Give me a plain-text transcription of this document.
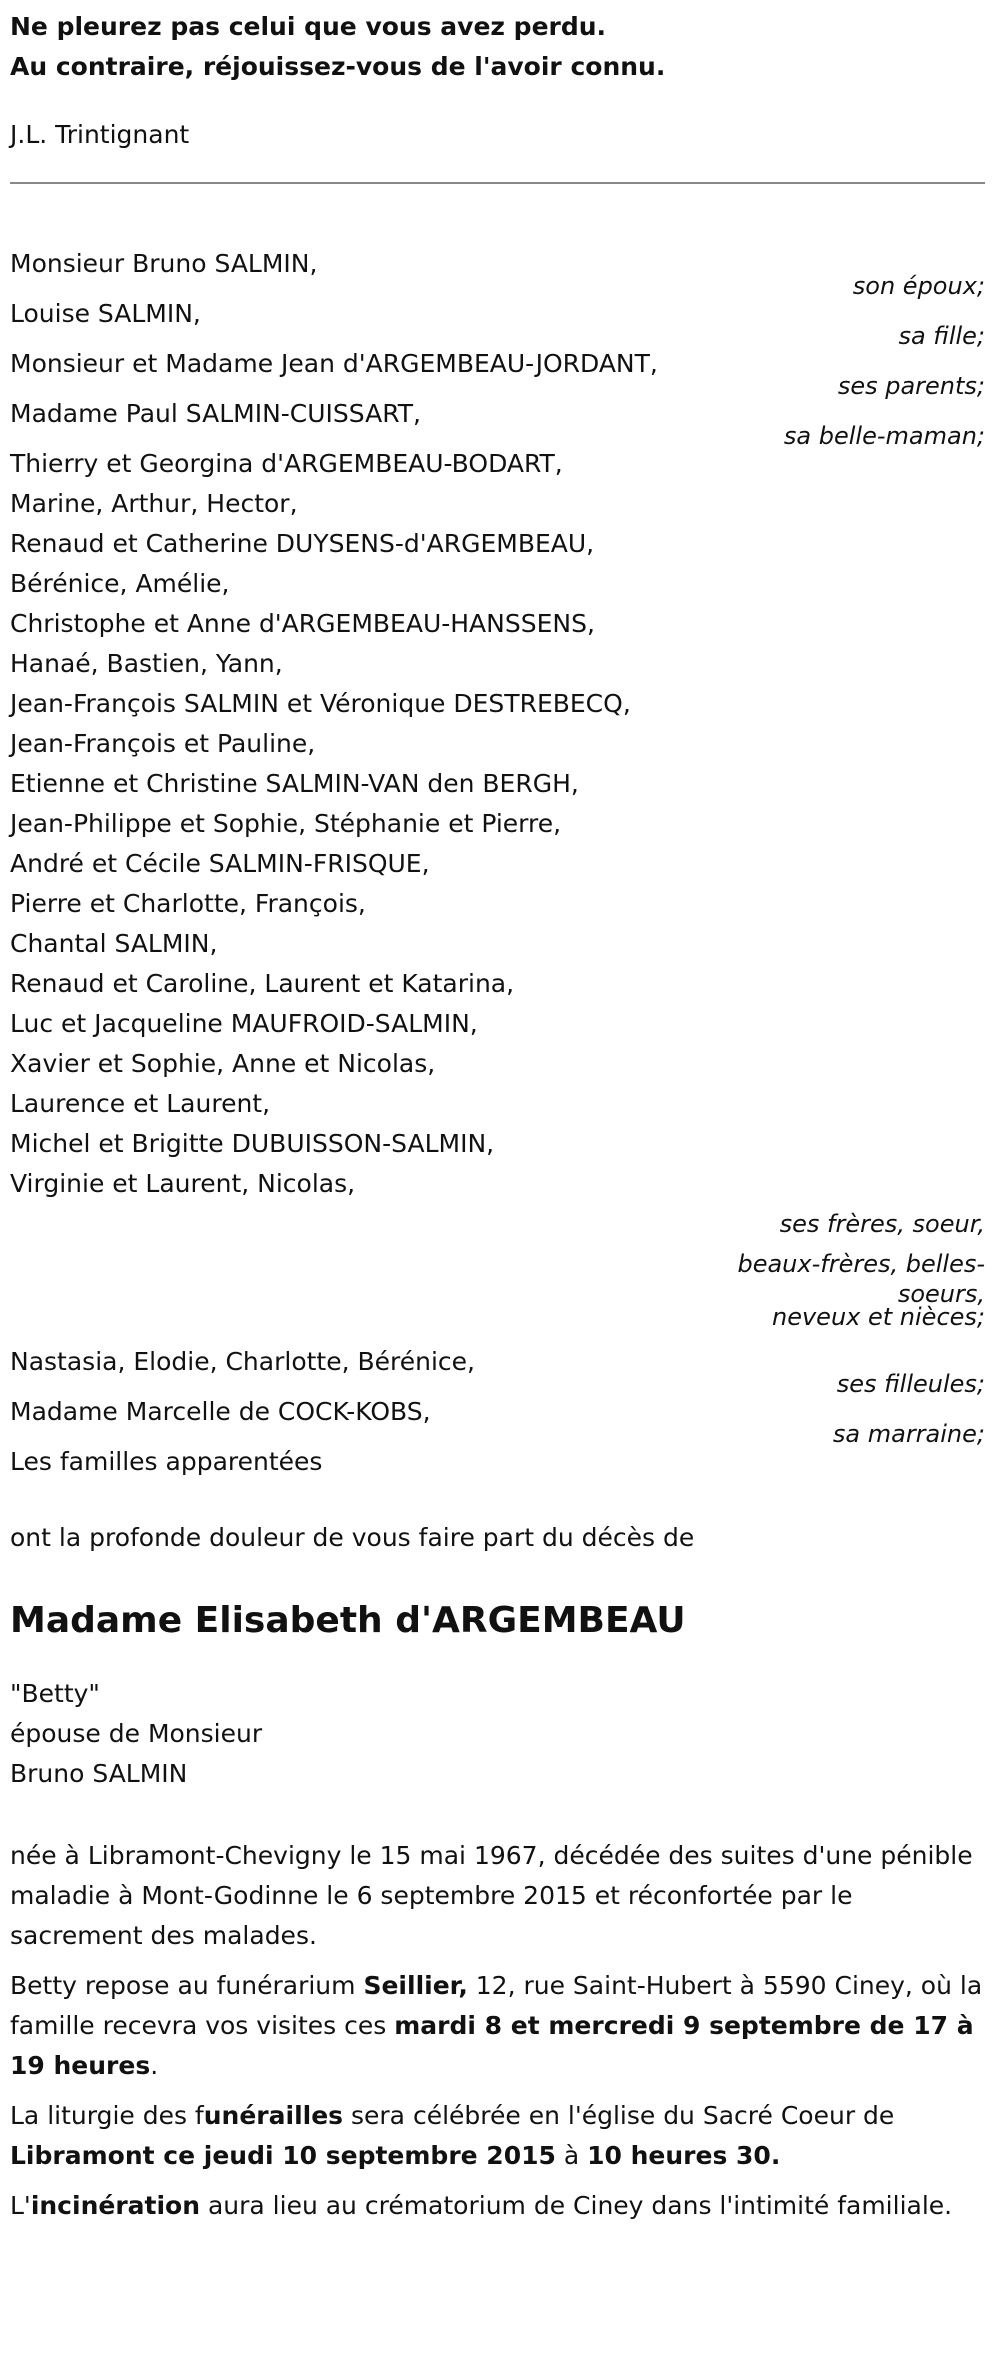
Ne pleurez pas celui que vous avez perdu.
Au contraire, réjouissez-vous de l'avoir connu.
J.L. Trintignant
Monsieur Bruno SALMIN,
son époux;
Louise SALMIN,
sa fille;
Monsieur et Madame Jean d'ARGEMBEAU-JORDANT,
ses parents;
Madame Paul SALMIN-CUISSART,
sa belle-maman;
Thierry et Georgina d'ARGEMBEAU-BODART,
Marine, Arthur, Hector,
Renaud et Catherine DUYSENS-d'ARGEMBEAU,
Bérénice, Amélie,
Christophe et Anne d'ARGEMBEAU-HANSSENS,
Hanaé, Bastien, Yann,
Jean-François SALMIN et Véronique DESTREBECQ,
Jean-François et Pauline,
Etienne et Christine SALMIN-VAN den BERGH,
Jean-Philippe et Sophie, Stéphanie et Pierre,
André et Cécile SALMIN-FRISQUE,
Pierre et Charlotte, François,
Chantal SALMIN,
Renaud et Caroline, Laurent et Katarina,
Luc et Jacqueline MAUFROID-SALMIN,
Xavier et Sophie, Anne et Nicolas,
Laurence et Laurent,
Michel et Brigitte DUBUISSON-SALMIN,
Virginie et Laurent, Nicolas,
ses frères, soeur,
beaux-frères, belles-
soeurs,
neveux et nièces;
Nastasia, Elodie, Charlotte, Bérénice,
ses filleules;
Madame Marcelle de COCK-KOBS,
sa marraine;
Les familles apparentées
ont la profonde douleur de vous faire part du décès de
Madame Elisabeth d'ARGEMBEAU
"Betty"
épouse de Monsieur
Bruno SALMIN
née à Libramont-Chevigny le 15 mai 1967, décédée des suites d'une pénible maladie à Mont-Godinne le 6 septembre 2015 et réconfortée par le sacrement des malades.
Betty repose au funérarium Seillier, 12, rue Saint-Hubert à 5590 Ciney, où la famille recevra vos visites ces mardi 8 et mercredi 9 septembre de 17 à 19 heures.
La liturgie des funérailles sera célébrée en l'église du Sacré Coeur de Libramont ce jeudi 10 septembre 2015 à 10 heures 30.
L'incinération aura lieu au crématorium de Ciney dans l'intimité familiale.
